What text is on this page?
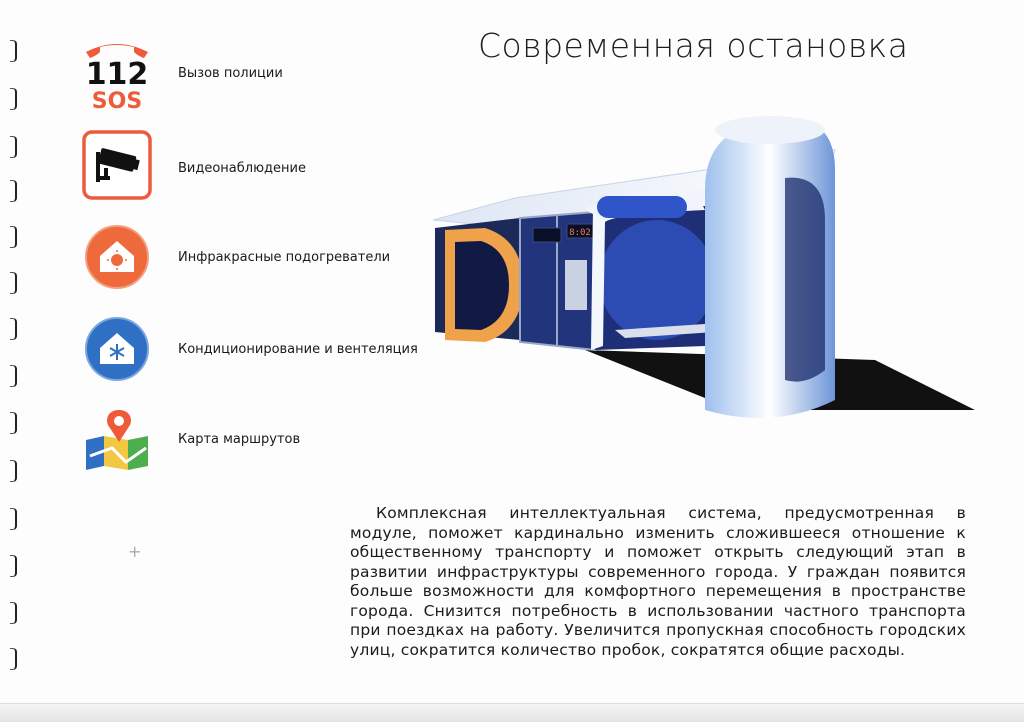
Современная остановка
112
SOS
Вызов полиции
Видеонаблюдение
Инфракрасные подогреватели
Кондиционирование и вентеляция
Карта маршрутов
8:02
Комплексная интеллектуальная система, предусмотренная в модуле, поможет кардинально изменить сложившееся отношение к общественному транспорту и поможет открыть следующий этап в развитии инфраструктуры современного города. У граждан появится больше возможности для комфортного перемещения в пространстве города. Снизится потребность в использовании частного транспорта при поездках на работу. Увеличится пропускная способность городских улиц, сократится количество пробок, сократятся общие расходы.
+
